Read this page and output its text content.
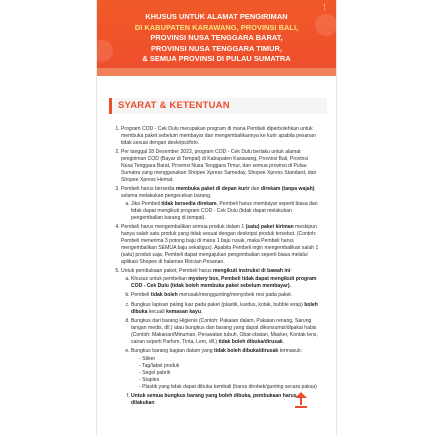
⋮
KHUSUS UNTUK ALAMAT PENGIRIMAN
DI KABUPATEN KARAWANG, PROVINSI BALI,
PROVINSI NUSA TENGGARA BARAT,
PROVINSI NUSA TENGGARA TIMUR,
& SEMUA PROVINSI DI PULAU SUMATRA
SYARAT & KETENTUAN
1. Program COD - Cek Dulu merupakan program di mana Pembeli diperbolehkan untuk membuka paket sebelum membayar dan mengembalikannya ke kurir apabila pesanan tidak sesuai dengan deskripsi/foto.
2. Per tanggal 28 Desember 2022, program COD - Cek Dulu berlaku untuk alamat pengiriman COD (Bayar di Tempat) di Kabupaten Karawang, Provinsi Bali, Provinsi Nusa Tenggara Barat, Provinsi Nusa Tenggara Timur, dan semua provinsi di Pulau Sumatra yang menggunakan Shopee Xpress Sameday, Shopee Xpress Standard, dan Shopee Xpress Hemat.
3. Pembeli harus bersedia membuka paket di depan kurir dan direkam (tanpa wajah) selama melakukan pengecekan barang.
a. Jika Pembeli tidak bersedia direkam, Pembeli harus membayar seperti biasa dan tidak dapat mengikuti program COD - Cek Dulu (tidak dapat melakukan pengembalian barang di tempat).
4. Pembeli harus mengembalikan semua produk dalam 1 (satu) paket kiriman meskipun hanya salah satu produk yang tidak sesuai dengan deskripsi produk tersebut. (Contoh: Pembeli menerima 3 potong baju di mana 1 baju rusak, maka Pembeli harus mengembalikan SEMUA baju sekaligus). Apabila Pembeli ingin mengembalikan salah 1 (satu) produk saja, Pembeli dapat mengajukan pengembalian seperti biasa melalui aplikasi Shopee di halaman Rincian Pesanan.
5. Untuk pembukaan paket, Pembeli harus mengikuti instruksi di bawah ini:
a. Khusus untuk pembelian mystery box, Pembeli tidak dapat mengikuti program COD - Cek Dulu (tidak boleh membuka paket sebelum membayar).
b. Pembeli tidak boleh merusak/menggunting/menyobek resi pada paket.
c. Bungkus lapisan paling luar pada paket (plastik, kardus, kotak, bubble wrap) boleh dibuka kecuali kemasan kayu.
d. Bungkus dari barang Higienis (Contoh: Pakaian dalam, Pakaian renang, Sarung tangan medis, dll.) atau bungkus dan barang yang dapat dikonsumsi/dipakai habis (Contoh: Makanan/Minuman, Perawatan tubuh, Obat-obatan, Masker, Kontak lens, cairan seperti Parfum, Tinta, Lem, dll.) tidak boleh dibuka/dirusak.
e. Bungkus barang bagian dalam yang tidak boleh dibuka/dirusak termasuk:
- Stiker
- Tag/label produk
- Segel pabrik
- Staples
- Plastik yang tidak dapat dibuka kembali (harus dirobek/gunting secara paksa)
f. Untuk semua bungkus barang yang boleh dibuka, pembukaan harus dilakukan
